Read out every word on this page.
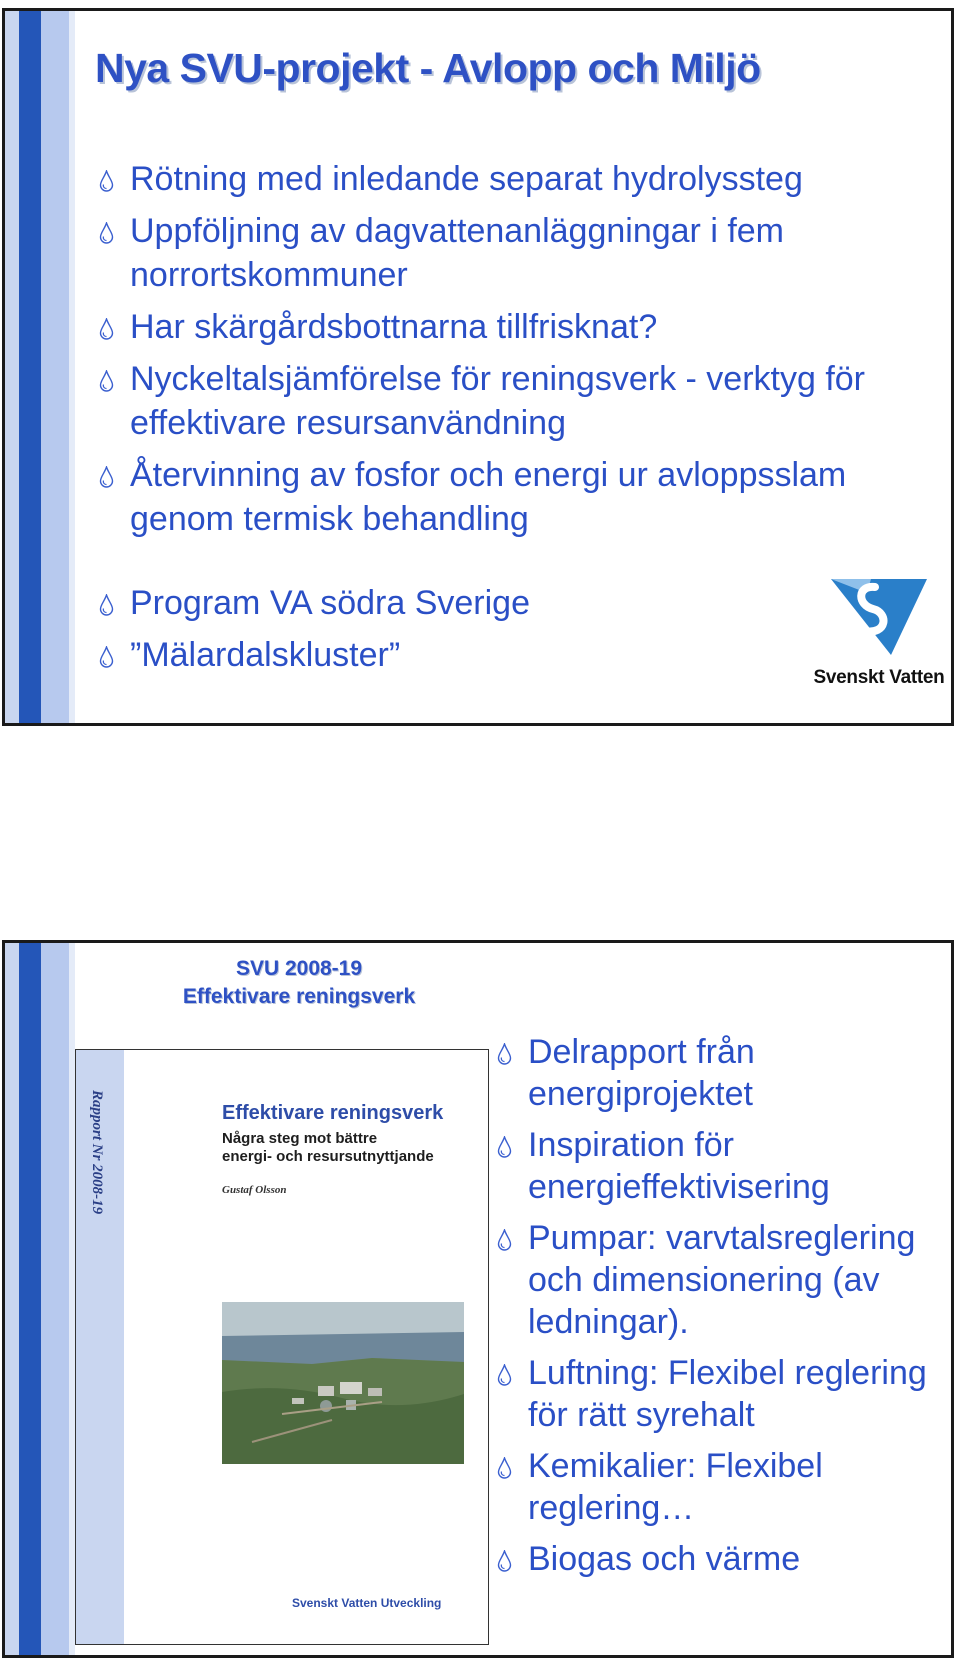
Nya SVU-projekt - Avlopp och Miljö
Rötning med inledande separat hydrolyssteg
Uppföljning av dagvattenanläggningar i fem norrortskommuner
Har skärgårdsbottnarna tillfrisknat?
Nyckeltalsjämförelse för reningsverk - verktyg för effektivare resursanvändning
Återvinning av fosfor och energi ur avloppsslam genom termisk behandling
Program VA södra Sverige
”Mälardalskluster”
Svenskt Vatten
SVU 2008-19
Effektivare reningsverk
Rapport Nr 2008-19	Effektivare reningsverk
Några steg mot bättre
energi- och resursutnyttjande
Gustaf Olsson
Svenskt Vatten Utveckling
Delrapport från energiprojektet
Inspiration för energieffektivisering
Pumpar: varvtalsreglering och dimensionering (av ledningar).
Luftning: Flexibel reglering för rätt syrehalt
Kemikalier: Flexibel reglering…
Biogas och värme
